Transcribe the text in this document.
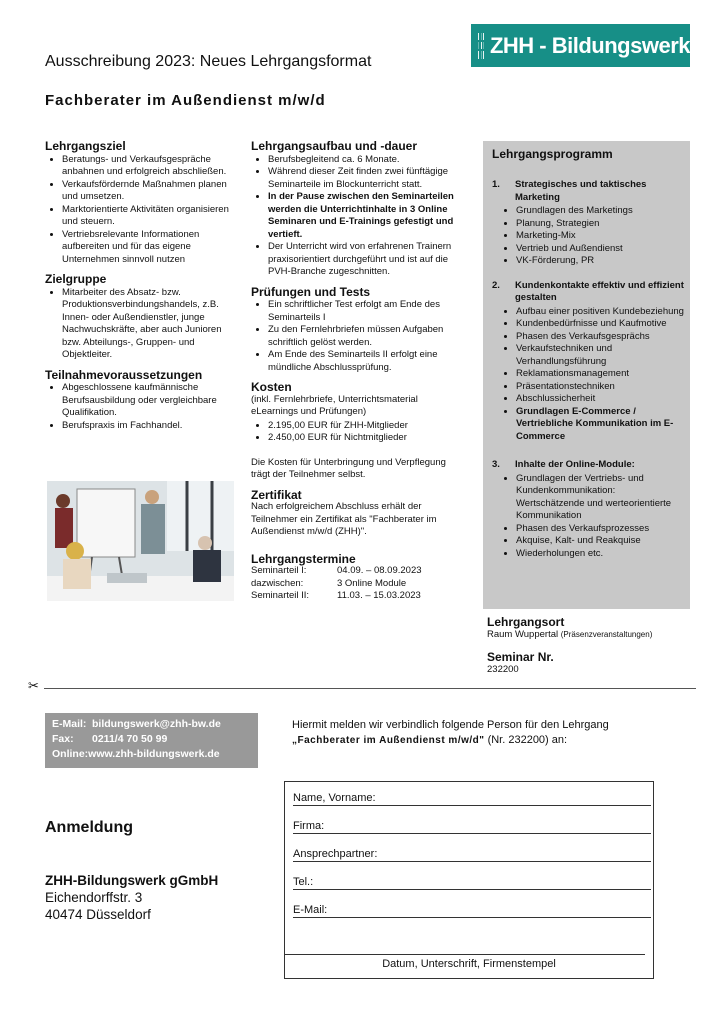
ZHH - Bildungswerk
Ausschreibung 2023: Neues Lehrgangsformat
Fachberater im Außendienst m/w/d
Lehrgangsziel
• Beratungs- und Verkaufsgespräche anbahnen und erfolgreich abschließen.
• Verkaufsfördernde Maßnahmen planen und umsetzen.
• Marktorientierte Aktivitäten organisieren und steuern.
• Vertriebsrelevante Informationen aufbereiten und für das eigene Unternehmen sinnvoll nutzen
Zielgruppe
• Mitarbeiter des Absatz- bzw. Produktionsverbindungshandels, z.B. Innen- oder Außendienstler, junge Nachwuchskräfte, aber auch Junioren bzw. Abteilungs-, Gruppen- und Objektleiter.
Teilnahmevoraussetzungen
• Abgeschlossene kaufmännische Berufsausbildung oder vergleichbare Qualifikation.
• Berufspraxis im Fachhandel.
Lehrgangsaufbau und -dauer
• Berufsbegleitend ca. 6 Monate.
• Während dieser Zeit finden zwei fünftägige Seminarteile im Blockunterricht statt.
• In der Pause zwischen den Seminarteilen werden die Unterrichtinhalte in 3 Online Seminaren und E-Trainings gefestigt und vertieft.
• Der Unterricht wird von erfahrenen Trainern praxisorientiert durchgeführt und ist auf die PVH-Branche zugeschnitten.
Prüfungen und Tests
• Ein schriftlicher Test erfolgt am Ende des Seminarteils I
• Zu den Fernlehrbriefen müssen Aufgaben schriftlich gelöst werden.
• Am Ende des Seminarteils II erfolgt eine mündliche Abschlussprüfung.
Kosten
(inkl. Fernlehrbriefe, Unterrichtsmaterial eLearnings und Prüfungen)
• 2.195,00 EUR für ZHH-Mitglieder
• 2.450,00 EUR für Nichtmitglieder
Die Kosten für Unterbringung und Verpflegung trägt der Teilnehmer selbst.
Zertifikat
Nach erfolgreichem Abschluss erhält der Teilnehmer ein Zertifikat als "Fachberater im Außendienst m/w/d (ZHH)".
Lehrgangstermine
Seminarteil I:	04.09. – 08.09.2023
dazwischen:	3 Online Module
Seminarteil II:	11.03. – 15.03.2023
Lehrgangsprogramm
1.	Strategisches und taktisches Marketing
• Grundlagen des Marketings
• Planung, Strategien
• Marketing-Mix
• Vertrieb und Außendienst
• VK-Förderung, PR
2.	Kundenkontakte effektiv und effizient gestalten
• Aufbau einer positiven Kundebeziehung
• Kundenbedürfnisse und Kaufmotive
• Phasen des Verkaufsgesprächs
• Verkaufstechniken und Verhandlungsführung
• Reklamationsmanagement
• Präsentationstechniken
• Abschlussicherheit
• Grundlagen E-Commerce / Vertriebliche Kommunikation im E-Commerce
3.	Inhalte der Online-Module:
• Grundlagen der Vertriebs- und Kundenkommunikation: Wertschätzende und werteorientierte Kommunikation
• Phasen des Verkaufsprozesses
• Akquise, Kalt- und Reakquise
• Wiederholungen etc.
Lehrgangsort
Raum Wuppertal (Präsenzveranstaltungen)
Seminar Nr.
232200
✂
E-Mail: bildungswerk@zhh-bw.de
Fax:	0211/4 70 50 99
Online: www.zhh-bildungswerk.de
Hiermit melden wir verbindlich folgende Person für den Lehrgang
„Fachberater im Außendienst m/w/d" (Nr. 232200) an:
Anmeldung
ZHH-Bildungswerk gGmbH
Eichendorffstr. 3
40474 Düsseldorf
Name, Vorname:
Firma:
Ansprechpartner:
Tel.:
E-Mail:
Datum, Unterschrift, Firmenstempel
